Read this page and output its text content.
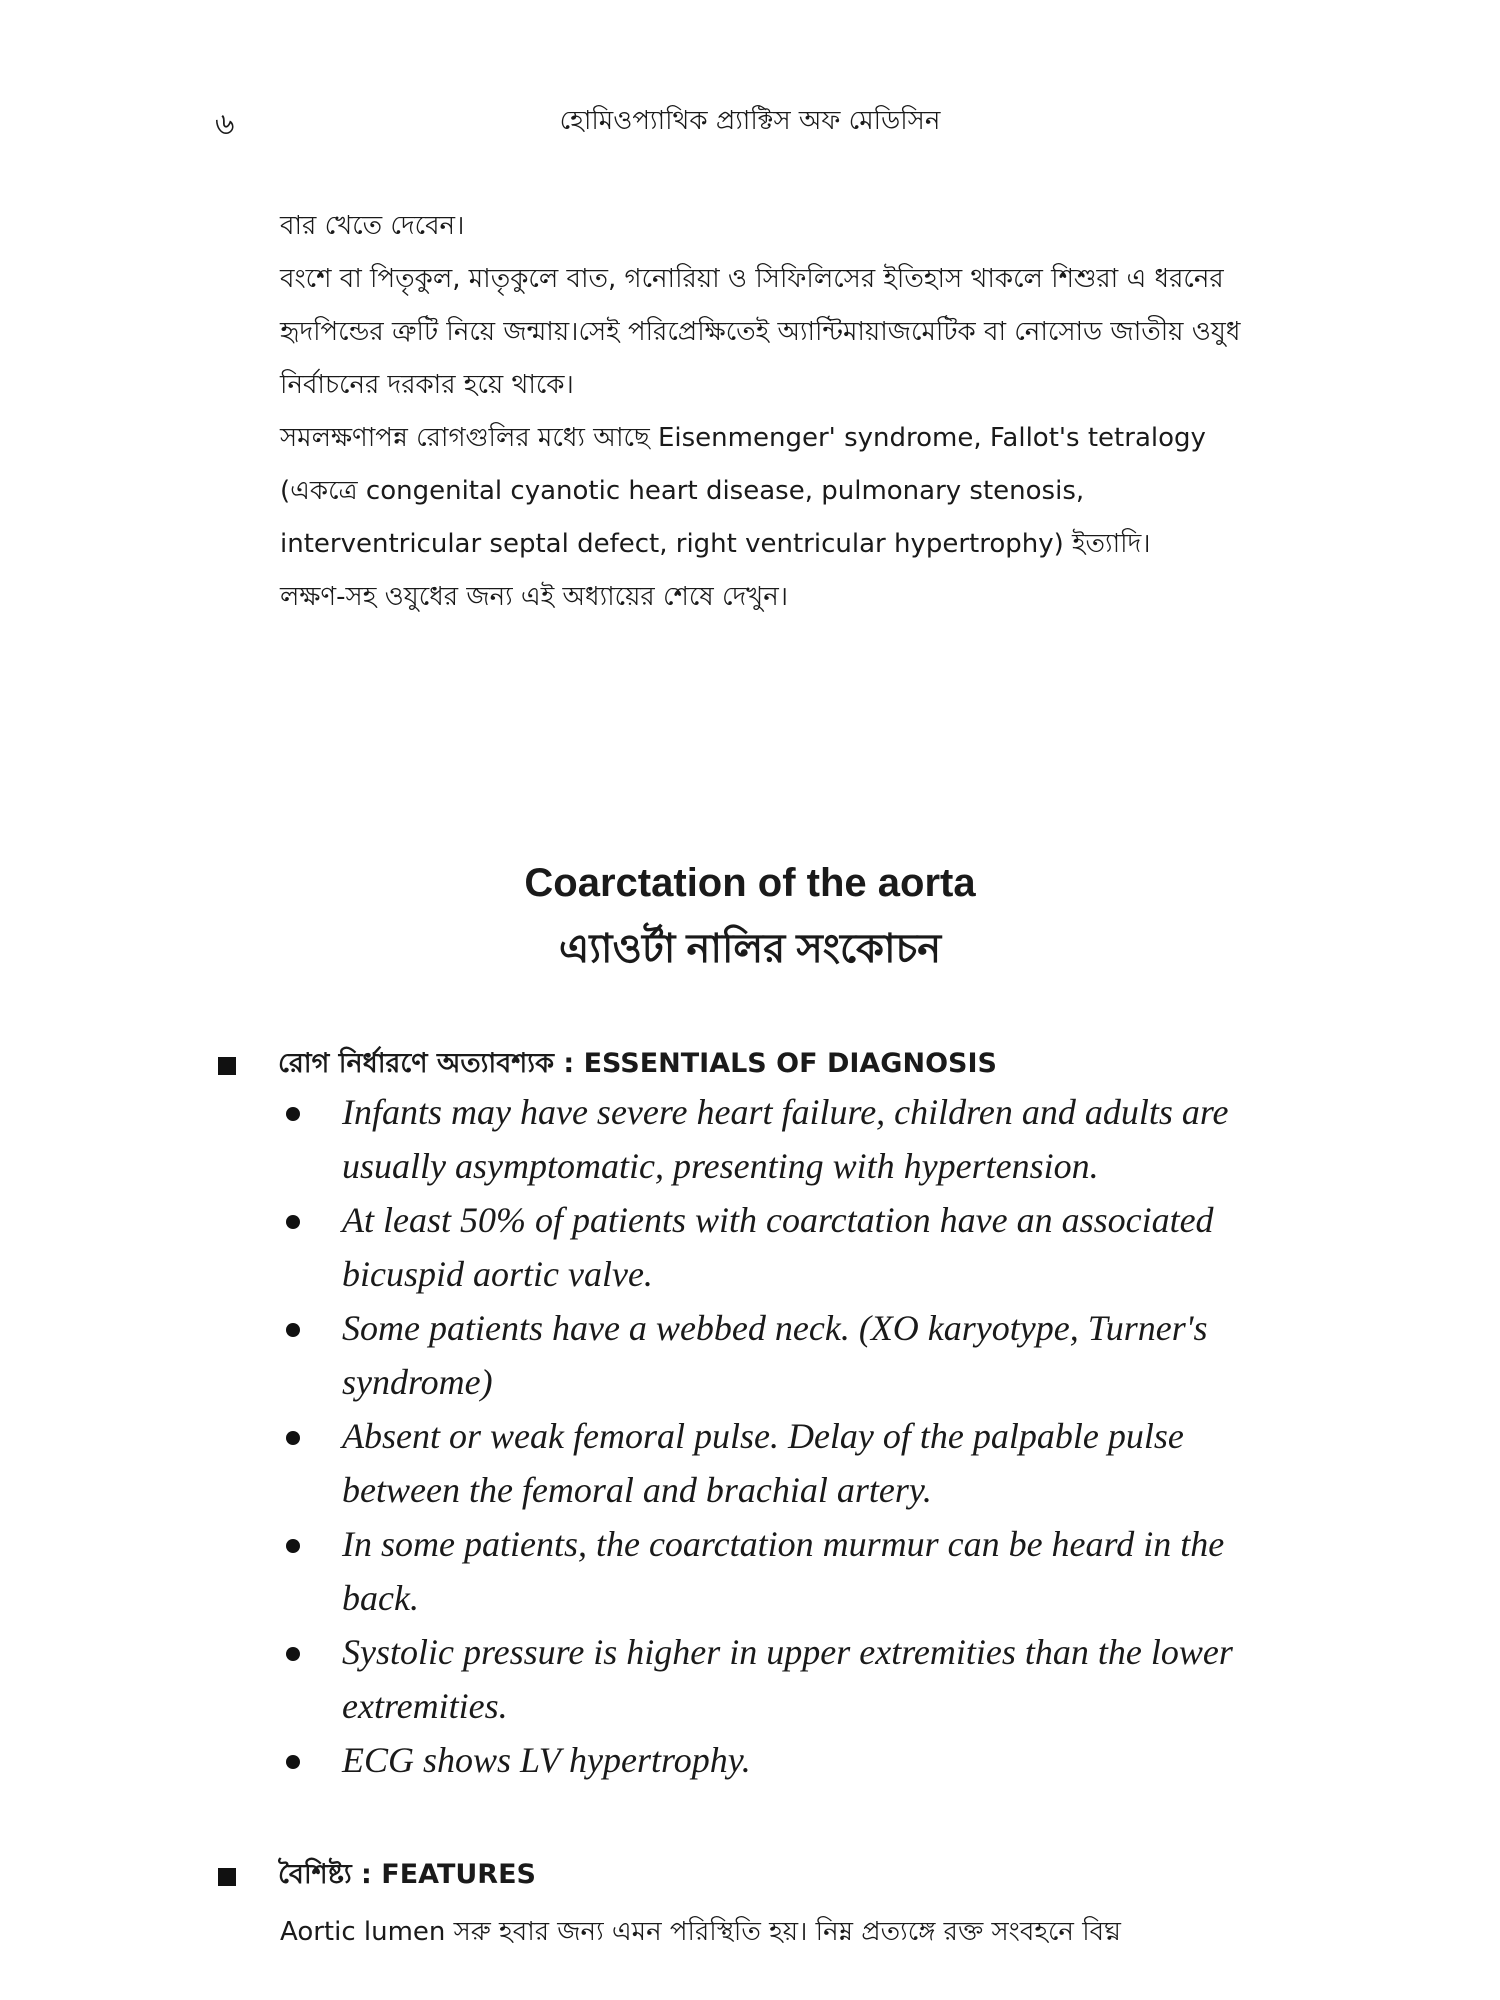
৬	হোমিওপ্যাথিক প্র্যাক্টিস অফ মেডিসিন

বার খেতে দেবেন।

বংশে বা পিতৃকুল, মাতৃকুলে বাত, গনোরিয়া ও সিফিলিসের ইতিহাস থাকলে শিশুরা এ ধরনের হৃদপিন্ডের ত্রুটি নিয়ে জন্মায়।সেই পরিপ্রেক্ষিতেই অ্যান্টিমায়াজমেটিক বা নোসোড জাতীয় ওযুধ নির্বাচনের দরকার হয়ে থাকে।

সমলক্ষণাপন্ন রোগগুলির মধ্যে আছে Eisenmenger' syndrome, Fallot's tetralogy (একত্রে congenital cyanotic heart disease, pulmonary stenosis, interventricular septal defect, right ventricular hypertrophy) ইত্যাদি।

লক্ষণ-সহ ওযুধের জন্য এই অধ্যায়ের শেষে দেখুন।

Coarctation of the aorta
এ্যাওর্টা নালির সংকোচন
রোগ নির্ধারণে অত্যাবশ্যক : ESSENTIALS OF DIAGNOSIS
Infants may have severe heart failure, children and adults are usually asymptomatic, presenting with hypertension.
At least 50% of patients with coarctation have an associated bicuspid aortic valve.
Some patients have a webbed neck. (XO karyotype, Turner's syndrome)
Absent or weak femoral pulse. Delay of the palpable pulse between the femoral and brachial artery.
In some patients, the coarctation murmur can be heard in the back.
Systolic pressure is higher in upper extremities than the lower extremities.
ECG shows LV hypertrophy.
বৈশিষ্ট্য : FEATURES
Aortic lumen সরু হবার জন্য এমন পরিস্থিতি হয়। নিম্ন প্রত্যঙ্গে রক্ত সংবহনে বিঘ্ন
